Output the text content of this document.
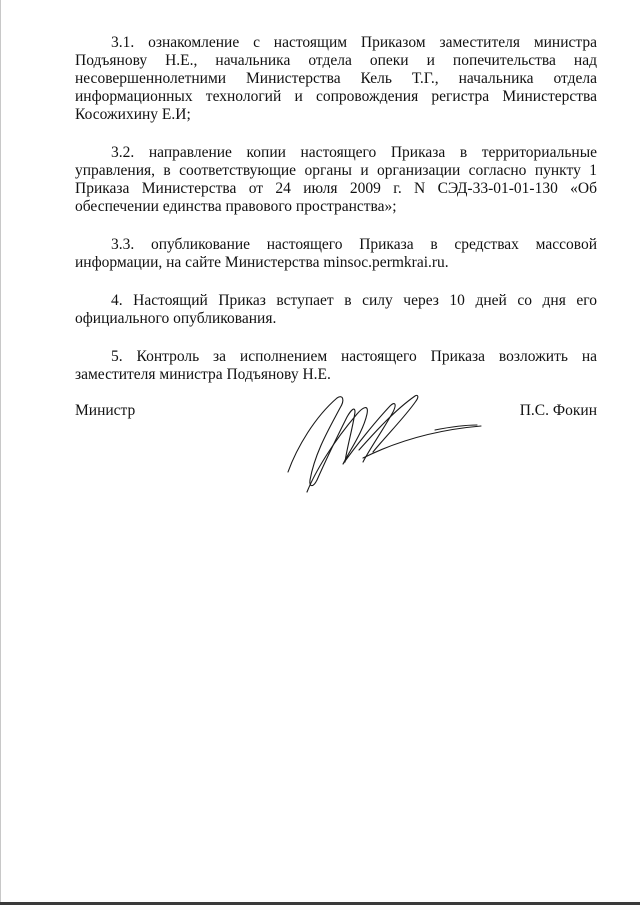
3.1. ознакомление с настоящим Приказом заместителя министра Подъянову Н.Е., начальника отдела опеки и попечительства над несовершеннолетними Министерства Кель Т.Г., начальника отдела информационных технологий и сопровождения регистра Министерства Косожихину Е.И;

3.2. направление копии настоящего Приказа в территориальные управления, в соответствующие органы и организации согласно пункту 1 Приказа Министерства от 24 июля 2009 г. N СЭД-33-01-01-130 «Об обеспечении единства правового пространства»;

3.3. опубликование настоящего Приказа в средствах массовой информации, на сайте Министерства minsoc.permkrai.ru.

4. Настоящий Приказ вступает в силу через 10 дней со дня его официального опубликования.

5. Контроль за исполнением настоящего Приказа возложить на заместителя министра Подъянову Н.Е.

Министр	П.С. Фокин
